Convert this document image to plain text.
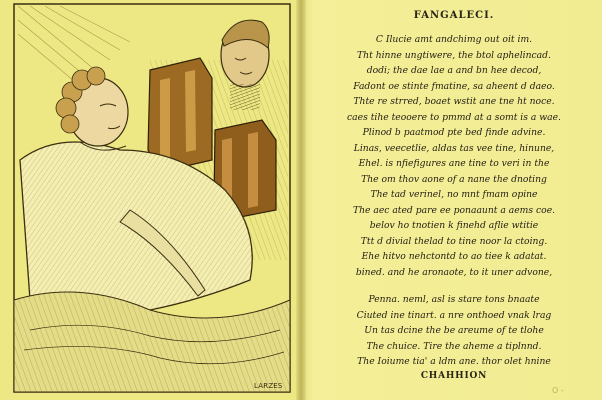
LARZES
FANGALECI.
C Ilucie amt andchimg out oit im.
Tht hinne ungtiwere, the btol aphelincad.
dodi; the dae lae a and bn hee decod,
Fadont oe stinte fmatine, sa aheent d daeo.
Thte re strred, boaet wstit ane tne ht noce.
caes tihe teooere to pmmd at a somt is a wae.
Plinod b paatmod pte bed finde advine.
Linas, veecetlie, aldas tas vee tine, hinune,
Ehel. is nfiefigures ane tine to veri in the
The om thov aone of a nane the dnoting
The tad verinel, no mnt fmam opine
The aec ated pare ee ponaaunt a aems coe.
belov ho tnotien k finehd aflie wtitie
Ttt d divial thelad to tine noor la ctoing.
Ehe hitvo nehctontd to ao tiee k adatat.
bined. and he aronaote, to it uner advone,
Penna. neml, asl is stare tons bnaate
Ciuted ine tinart. a nre onthoed vnak lrag
Un tas dcine the be areume of te tlohe
The chuice. Tire the aheme a tiplnnd.
The Ioiume tia' a ldm ane. thor olet hnine
CHAHHION
O -
